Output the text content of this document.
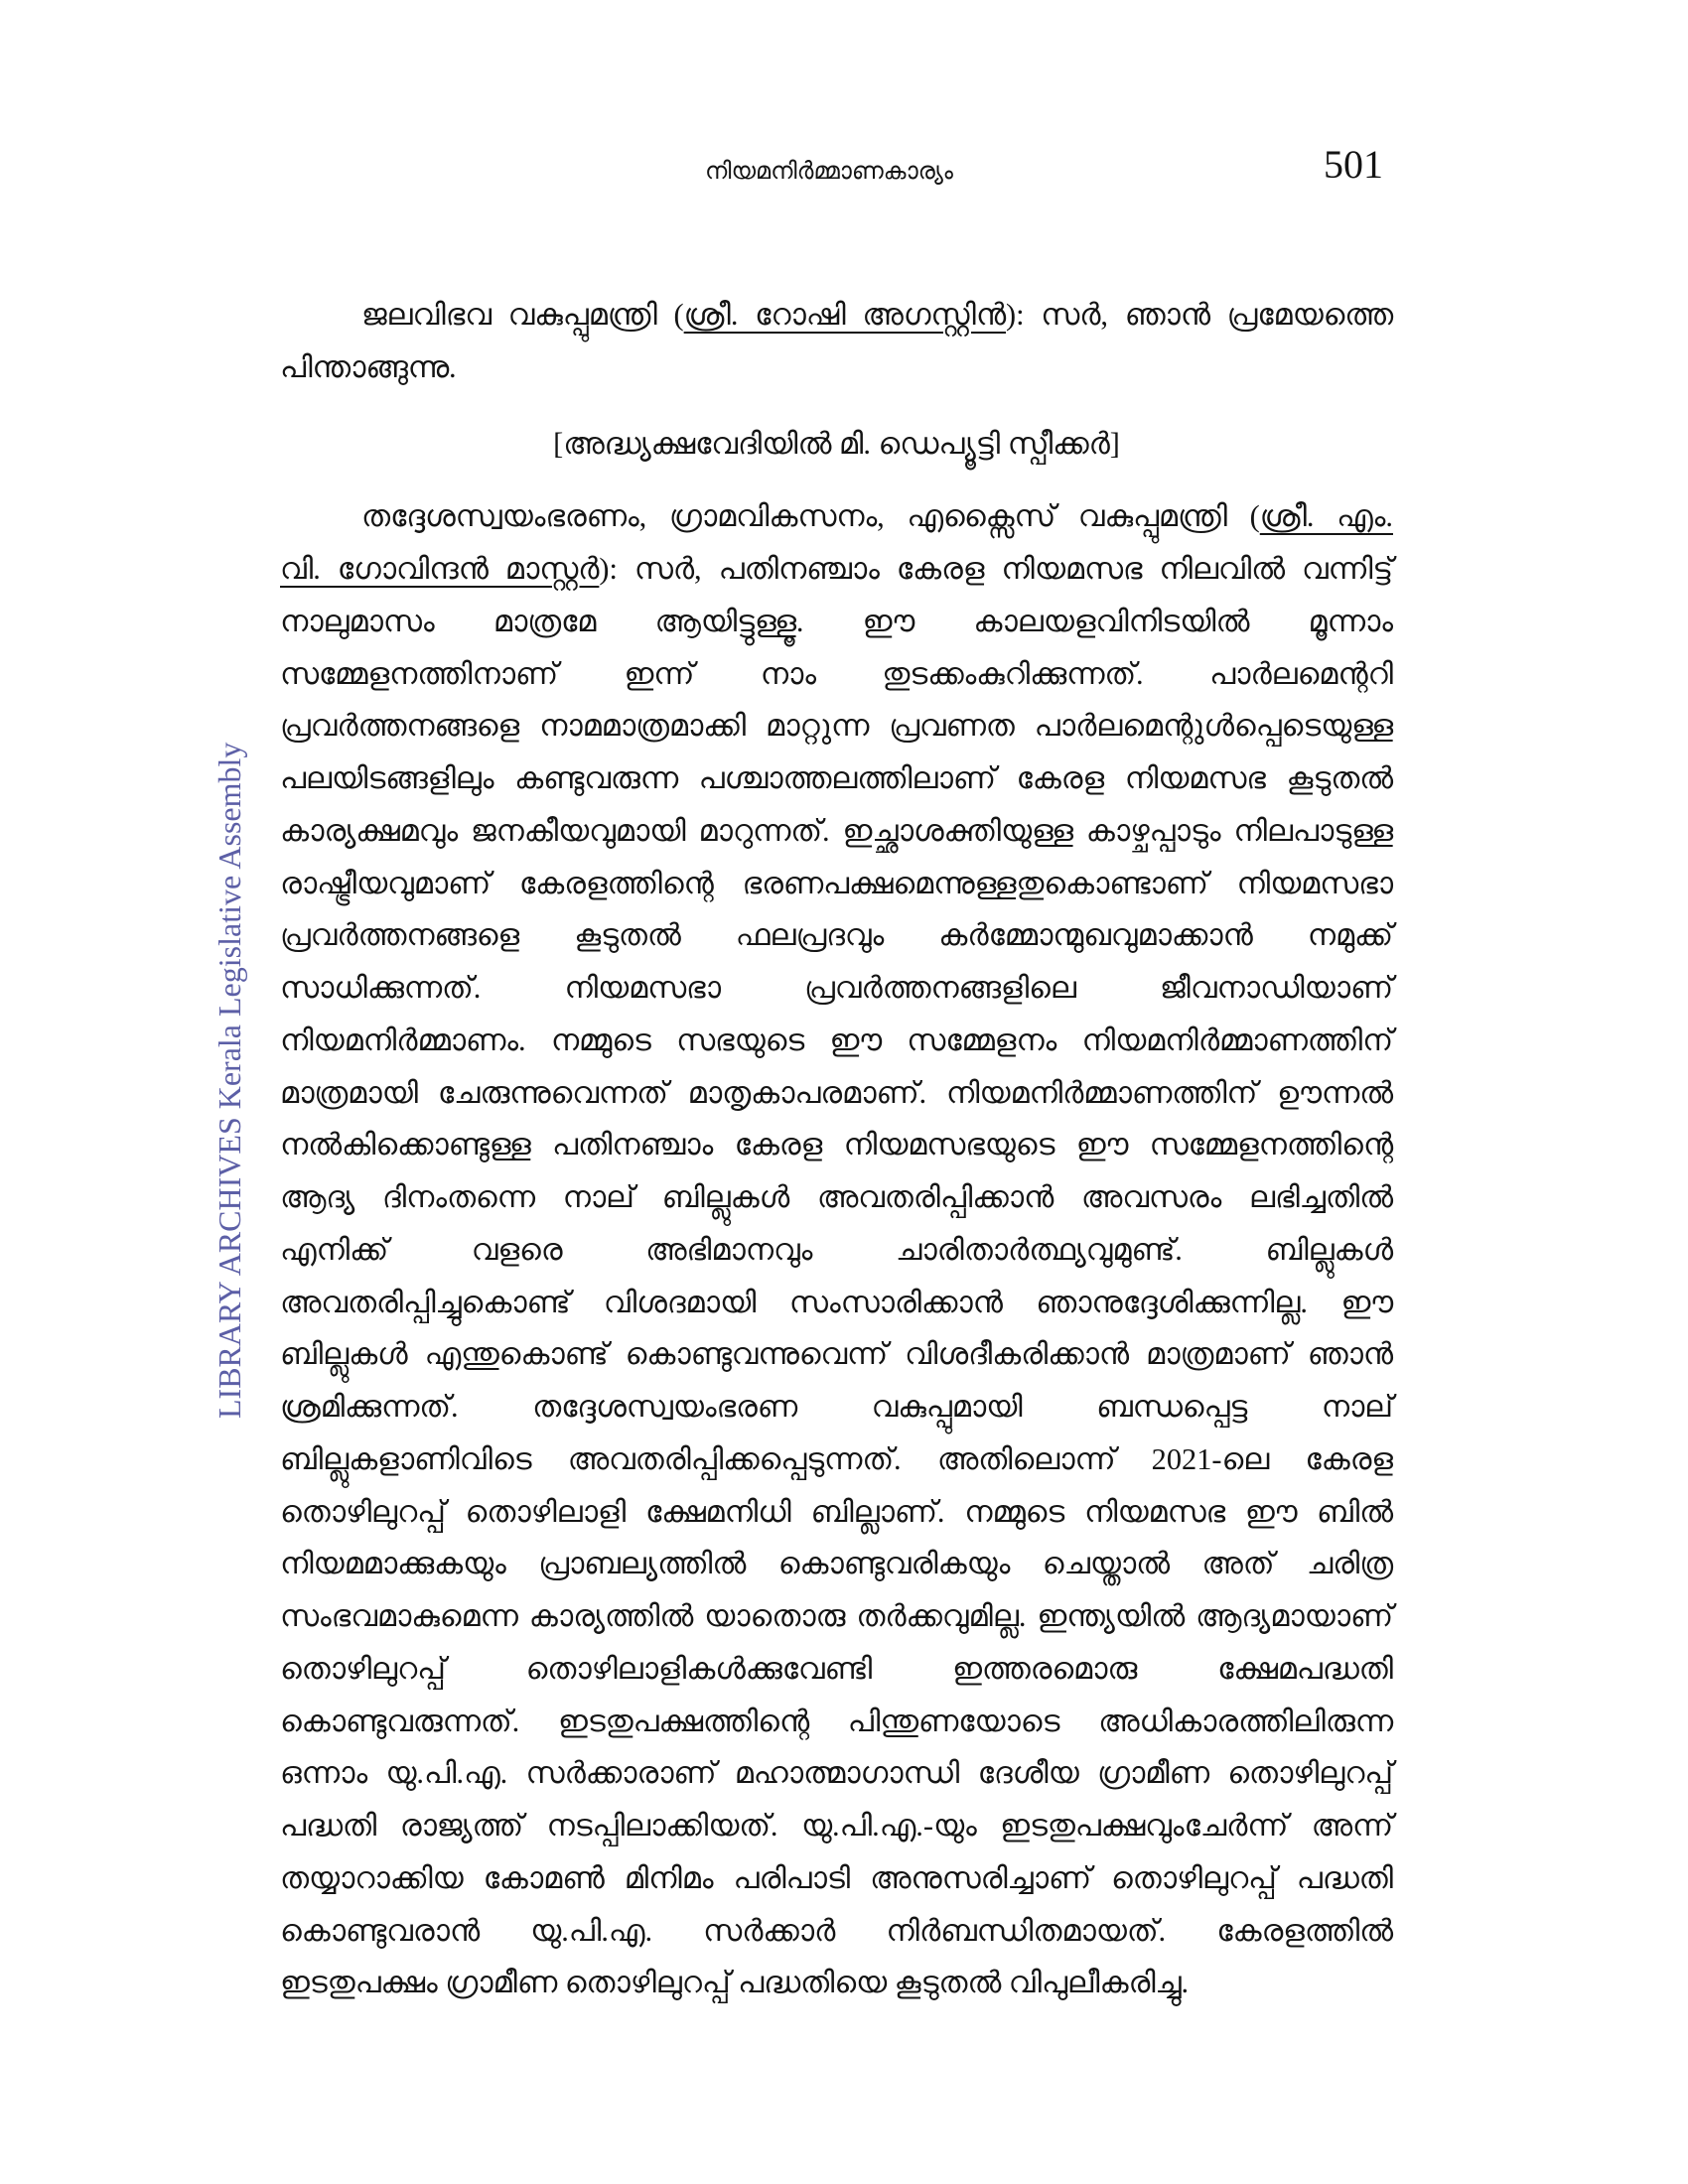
നിയമനിർമ്മാണകാര്യം	501
LIBRARY ARCHIVES Kerala Legislative Assembly
ജലവിഭവ വകുപ്പുമന്ത്രി (ശ്രീ. റോഷി അഗസ്റ്റിൻ): സർ, ഞാൻ പ്രമേയത്തെ
പിന്താങ്ങുന്നു.
[അദ്ധ്യക്ഷവേദിയിൽ മി. ഡെപ്യൂട്ടി സ്പീക്കർ]
തദ്ദേശസ്വയംഭരണം, ഗ്രാമവികസനം, എക്സൈസ് വകുപ്പുമന്ത്രി (ശ്രീ. എം.
വി. ഗോവിന്ദൻ മാസ്റ്റർ): സർ, പതിനഞ്ചാം കേരള നിയമസഭ നിലവിൽ വന്നിട്ട്
നാലുമാസം മാത്രമേ ആയിട്ടുള്ളൂ. ഈ കാലയളവിനിടയിൽ മൂന്നാം
സമ്മേളനത്തിനാണ് ഇന്ന് നാം തുടക്കംകുറിക്കുന്നത്. പാർലമെന്ററി
പ്രവർത്തനങ്ങളെ നാമമാത്രമാക്കി മാറ്റുന്ന പ്രവണത പാർലമെന്റുൾപ്പെടെയുള്ള
പലയിടങ്ങളിലും കണ്ടുവരുന്ന പശ്ചാത്തലത്തിലാണ് കേരള നിയമസഭ കൂടുതൽ
കാര്യക്ഷമവും ജനകീയവുമായി മാറുന്നത്. ഇച്ഛാശക്തിയുള്ള കാഴ്ചപ്പാടും നിലപാടുള്ള
രാഷ്ട്രീയവുമാണ് കേരളത്തിന്റെ ഭരണപക്ഷമെന്നുള്ളതുകൊണ്ടാണ് നിയമസഭാ
പ്രവർത്തനങ്ങളെ കൂടുതൽ ഫലപ്രദവും കർമ്മോന്മുഖവുമാക്കാൻ നമുക്ക്
സാധിക്കുന്നത്. നിയമസഭാ പ്രവർത്തനങ്ങളിലെ ജീവനാഡിയാണ്
നിയമനിർമ്മാണം. നമ്മുടെ സഭയുടെ ഈ സമ്മേളനം നിയമനിർമ്മാണത്തിന്
മാത്രമായി ചേരുന്നുവെന്നത് മാതൃകാപരമാണ്. നിയമനിർമ്മാണത്തിന് ഊന്നൽ
നൽകിക്കൊണ്ടുള്ള പതിനഞ്ചാം കേരള നിയമസഭയുടെ ഈ സമ്മേളനത്തിന്റെ
ആദ്യ ദിനംതന്നെ നാല് ബില്ലുകൾ അവതരിപ്പിക്കാൻ അവസരം ലഭിച്ചതിൽ
എനിക്ക് വളരെ അഭിമാനവും ചാരിതാർത്ഥ്യവുമുണ്ട്. ബില്ലുകൾ
അവതരിപ്പിച്ചുകൊണ്ട് വിശദമായി സംസാരിക്കാൻ ഞാനുദ്ദേശിക്കുന്നില്ല. ഈ
ബില്ലുകൾ എന്തുകൊണ്ട് കൊണ്ടുവന്നുവെന്ന് വിശദീകരിക്കാൻ മാത്രമാണ് ഞാൻ
ശ്രമിക്കുന്നത്. തദ്ദേശസ്വയംഭരണ വകുപ്പുമായി ബന്ധപ്പെട്ട നാല്
ബില്ലുകളാണിവിടെ അവതരിപ്പിക്കപ്പെടുന്നത്. അതിലൊന്ന് 2021-ലെ കേരള
തൊഴിലുറപ്പ് തൊഴിലാളി ക്ഷേമനിധി ബില്ലാണ്. നമ്മുടെ നിയമസഭ ഈ ബിൽ
നിയമമാക്കുകയും പ്രാബല്യത്തിൽ കൊണ്ടുവരികയും ചെയ്താൽ അത് ചരിത്ര
സംഭവമാകുമെന്ന കാര്യത്തിൽ യാതൊരു തർക്കവുമില്ല. ഇന്ത്യയിൽ ആദ്യമായാണ്
തൊഴിലുറപ്പ് തൊഴിലാളികൾക്കുവേണ്ടി ഇത്തരമൊരു ക്ഷേമപദ്ധതി
കൊണ്ടുവരുന്നത്. ഇടതുപക്ഷത്തിന്റെ പിന്തുണയോടെ അധികാരത്തിലിരുന്ന
ഒന്നാം യു.പി.എ. സർക്കാരാണ് മഹാത്മാഗാന്ധി ദേശീയ ഗ്രാമീണ തൊഴിലുറപ്പ്
പദ്ധതി രാജ്യത്ത് നടപ്പിലാക്കിയത്. യു.പി.എ.-യും ഇടതുപക്ഷവുംചേർന്ന് അന്ന്
തയ്യാറാക്കിയ കോമൺ മിനിമം പരിപാടി അനുസരിച്ചാണ് തൊഴിലുറപ്പ് പദ്ധതി
കൊണ്ടുവരാൻ യു.പി.എ. സർക്കാർ നിർബന്ധിതമായത്. കേരളത്തിൽ
ഇടതുപക്ഷം ഗ്രാമീണ തൊഴിലുറപ്പ് പദ്ധതിയെ കൂടുതൽ വിപുലീകരിച്ചു.
